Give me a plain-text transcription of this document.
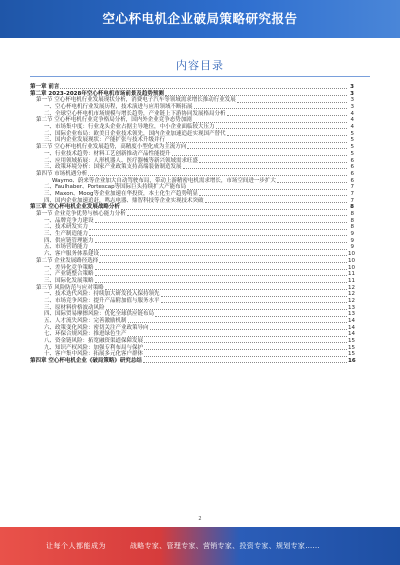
空心杯电机企业破局策略研究报告
内容目录
第一章 前言	3
第二章 2023-2028年空心杯电机市场前景及趋势预测	3
第一节 空心杯电机行业发展现状分析，消费电子汽车等领域需求增长推动行业发展	3
一、空心杯电机行业发展历程，技术演进与应用领域不断拓展	3
二、全球空心杯电机市场规模与增长趋势，产业链上下游协同发展格局分析	4
第二节 空心杯电机行业竞争格局分析，国内外企业竞争态势加剧	4
一、市场集中度：行业龙头企业占据主导地位，中小企业面临较大压力	4
二、国际企业布局：欧美日企业技术领先，国内企业加速追赶实现国产替代	5
三、国内企业发展现状：产能扩张与技术升级并行	5
第三节 空心杯电机行业发展趋势，高精度小型化成为主流方向	5
一、行业技术趋势：材料工艺创新推动产品性能提升	5
二、应用领域拓展：人形机器人、医疗器械等新兴领域需求旺盛	6
三、政策环境分析：国家产业政策支持高端装备制造发展	6
第四节 市场机遇分析	6
Waymo、蔚来等企业加大自动驾驶布局，带动上游精密电机需求增长，市场空间进一步扩大	6
二、Faulhaber、Portescap等国际巨头持续扩大产能布局	7
三、Maxon、Moog等企业加速在华投资，本土化生产趋势明显	7
四、国内企业加速追赶，鸣志电器、鼎智科技等企业实现技术突破	7
第三章 空心杯电机企业发展战略分析	8
第一节 企业竞争优势与核心能力分析	8
一、品牌竞争力建设	8
二、技术研发实力	8
三、生产制造能力	9
四、供应链管理能力	9
五、市场营销能力	9
六、客户服务体系建设	10
第二节 企业发展路径选择	10
一、差异化竞争策略	10
二、产业链整合策略	11
三、国际化发展策略	11
第三节 风险防范与应对策略	12
一、技术迭代风险：持续加大研发投入保持领先	12
二、市场竞争风险：提升产品附加值与服务水平	12
三、原材料价格波动风险	13
四、国际贸易摩擦风险：优化全球供应链布局	13
五、人才流失风险：完善激励机制	14
六、政策变化风险：密切关注产业政策导向	14
七、环保合规风险：推进绿色生产	14
八、资金链风险：拓宽融资渠道保障发展	15
九、知识产权风险：加强专利布局与保护	15
十、客户集中风险：拓展多元化客户群体	15
第四章 空心杯电机企业《破局策略》研究总结	16
2
让每个人都能成为	战略专家、管理专家、营销专家、投资专家、规划专家……
